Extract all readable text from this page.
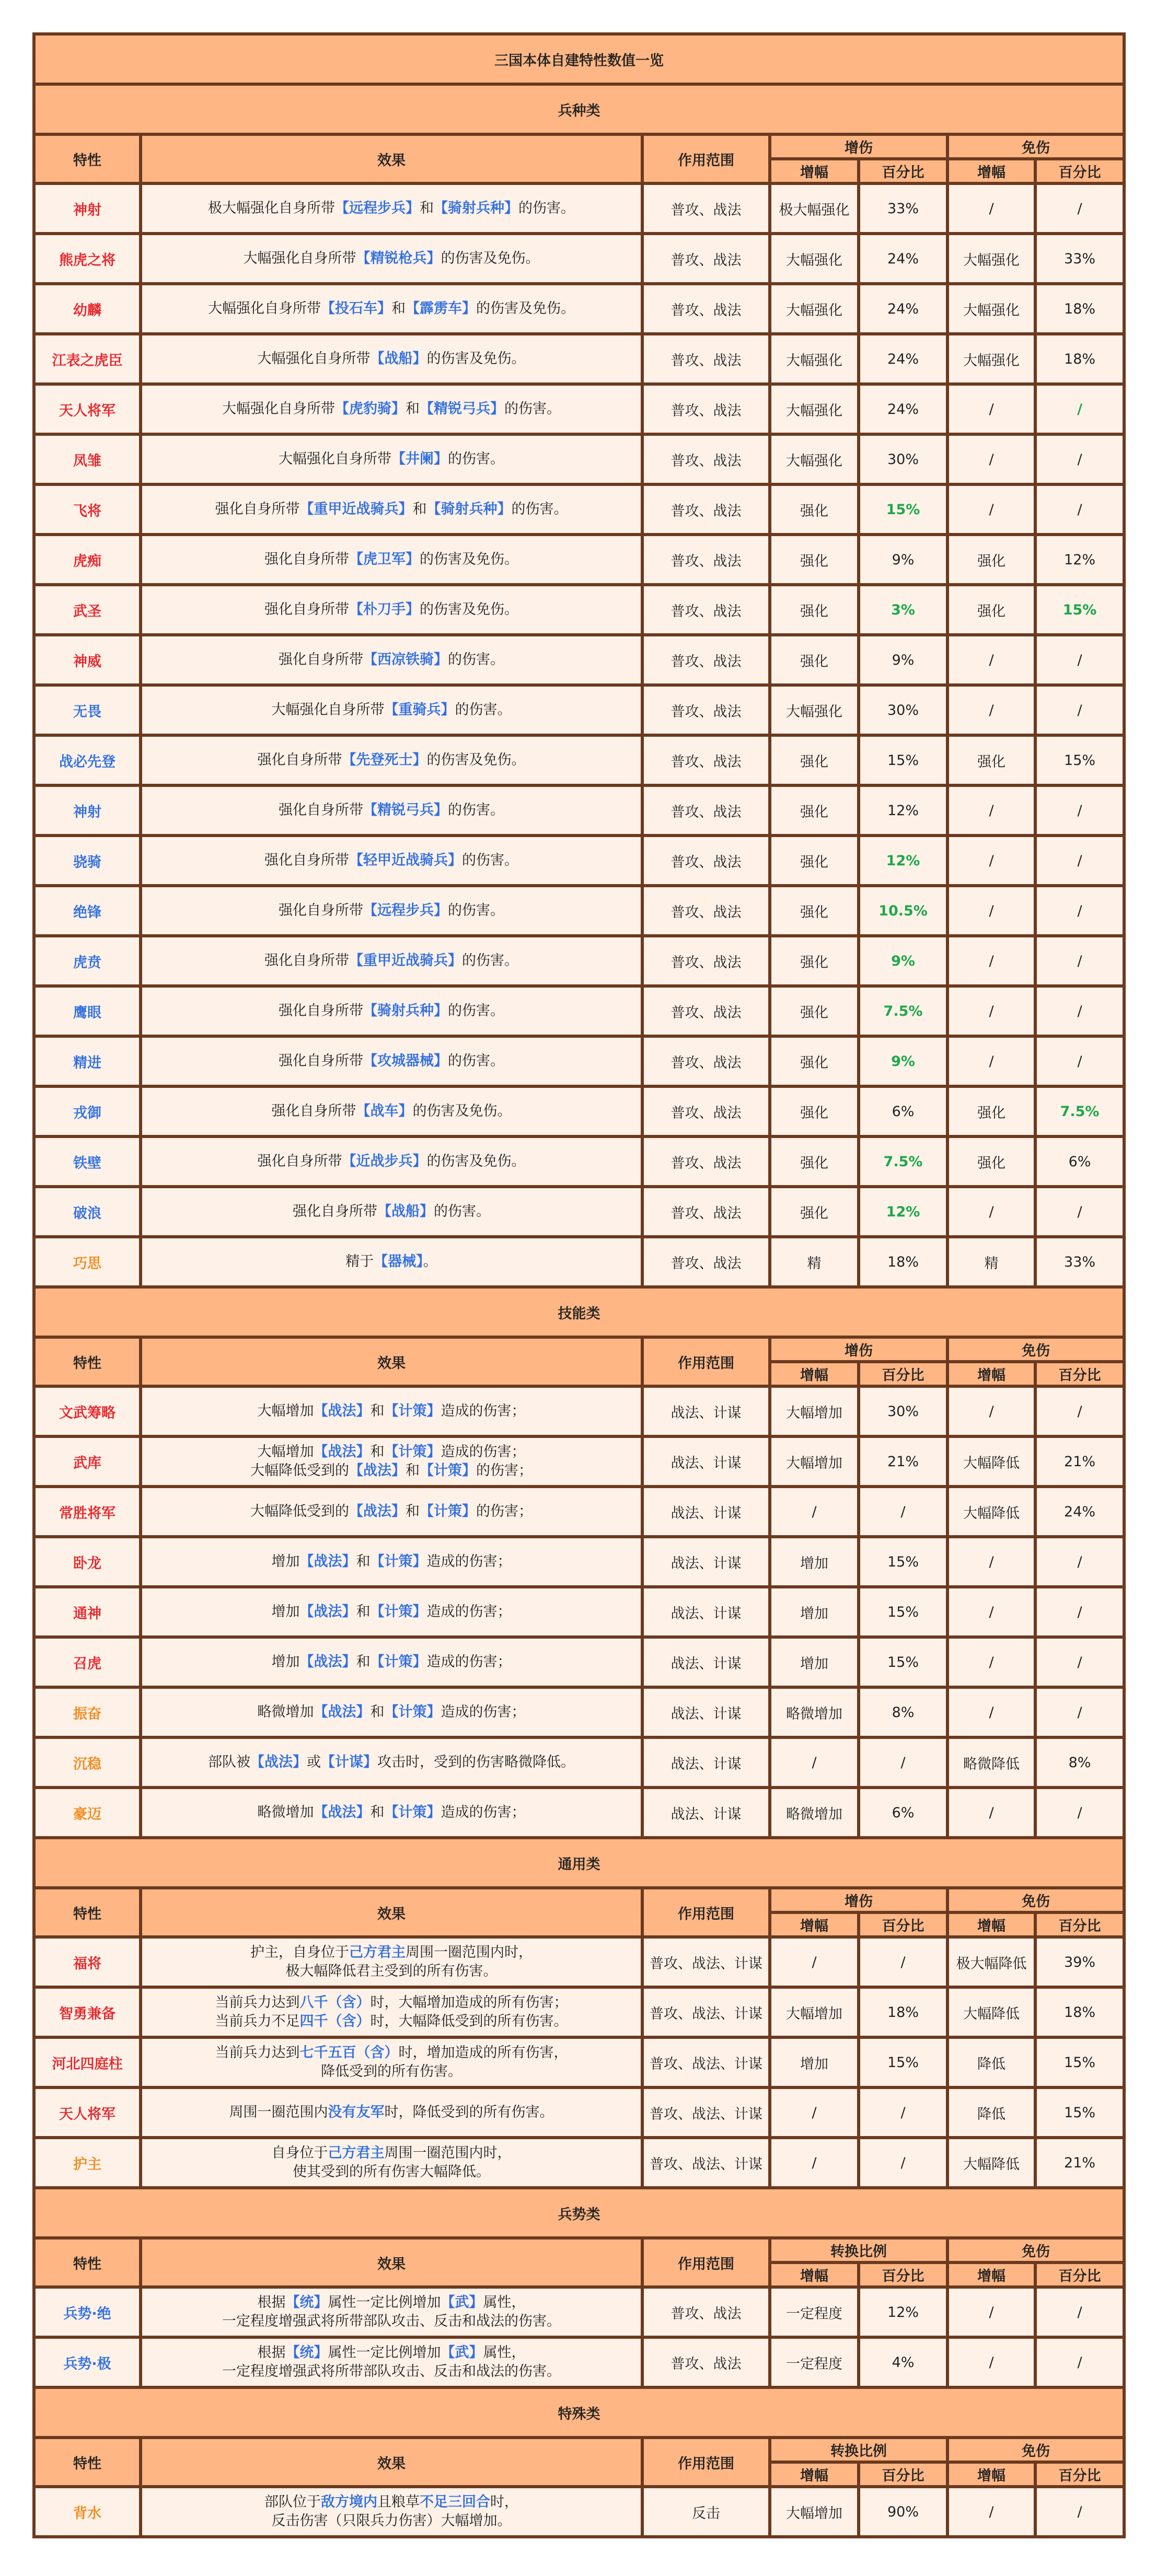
三国本体自建特性数值一览						
兵种类						
特性	效果	作用范围	增伤		免伤	
			增幅	百分比	增幅	百分比
神射	极大幅强化自身所带【远程步兵】和【骑射兵种】的伤害。	普攻、战法	极大幅强化	33%	/	/
熊虎之将	大幅强化自身所带【精锐枪兵】的伤害及免伤。	普攻、战法	大幅强化	24%	大幅强化	33%
幼麟	大幅强化自身所带【投石车】和【霹雳车】的伤害及免伤。	普攻、战法	大幅强化	24%	大幅强化	18%
江表之虎臣	大幅强化自身所带【战船】的伤害及免伤。	普攻、战法	大幅强化	24%	大幅强化	18%
天人将军	大幅强化自身所带【虎豹骑】和【精锐弓兵】的伤害。	普攻、战法	大幅强化	24%	/	/
凤雏	大幅强化自身所带【井阑】的伤害。	普攻、战法	大幅强化	30%	/	/
飞将	强化自身所带【重甲近战骑兵】和【骑射兵种】的伤害。	普攻、战法	强化	15%	/	/
虎痴	强化自身所带【虎卫军】的伤害及免伤。	普攻、战法	强化	9%	强化	12%
武圣	强化自身所带【朴刀手】的伤害及免伤。	普攻、战法	强化	3%	强化	15%
神威	强化自身所带【西凉铁骑】的伤害。	普攻、战法	强化	9%	/	/
无畏	大幅强化自身所带【重骑兵】的伤害。	普攻、战法	大幅强化	30%	/	/
战必先登	强化自身所带【先登死士】的伤害及免伤。	普攻、战法	强化	15%	强化	15%
神射	强化自身所带【精锐弓兵】的伤害。	普攻、战法	强化	12%	/	/
骁骑	强化自身所带【轻甲近战骑兵】的伤害。	普攻、战法	强化	12%	/	/
绝锋	强化自身所带【远程步兵】的伤害。	普攻、战法	强化	10.5%	/	/
虎贲	强化自身所带【重甲近战骑兵】的伤害。	普攻、战法	强化	9%	/	/
鹰眼	强化自身所带【骑射兵种】的伤害。	普攻、战法	强化	7.5%	/	/
精进	强化自身所带【攻城器械】的伤害。	普攻、战法	强化	9%	/	/
戎御	强化自身所带【战车】的伤害及免伤。	普攻、战法	强化	6%	强化	7.5%
铁壁	强化自身所带【近战步兵】的伤害及免伤。	普攻、战法	强化	7.5%	强化	6%
破浪	强化自身所带【战船】的伤害。	普攻、战法	强化	12%	/	/
巧思	精于【器械】。	普攻、战法	精	18%	精	33%
技能类						
特性	效果	作用范围	增伤		免伤	
			增幅	百分比	增幅	百分比
文武筹略	大幅增加【战法】和【计策】造成的伤害；	战法、计谋	大幅增加	30%	/	/
武库	大幅增加【战法】和【计策】造成的伤害；
大幅降低受到的【战法】和【计策】的伤害；	战法、计谋	大幅增加	21%	大幅降低	21%
常胜将军	大幅降低受到的【战法】和【计策】的伤害；	战法、计谋	/	/	大幅降低	24%
卧龙	增加【战法】和【计策】造成的伤害；	战法、计谋	增加	15%	/	/
通神	增加【战法】和【计策】造成的伤害；	战法、计谋	增加	15%	/	/
召虎	增加【战法】和【计策】造成的伤害；	战法、计谋	增加	15%	/	/
振奋	略微增加【战法】和【计策】造成的伤害；	战法、计谋	略微增加	8%	/	/
沉稳	部队被【战法】或【计谋】攻击时，受到的伤害略微降低。	战法、计谋	/	/	略微降低	8%
豪迈	略微增加【战法】和【计策】造成的伤害；	战法、计谋	略微增加	6%	/	/
通用类						
特性	效果	作用范围	增伤		免伤	
			增幅	百分比	增幅	百分比
福将	护主，自身位于己方君主周围一圈范围内时，
极大幅降低君主受到的所有伤害。	普攻、战法、计谋	/	/	极大幅降低	39%
智勇兼备	当前兵力达到八千（含）时，大幅增加造成的所有伤害；
当前兵力不足四千（含）时，大幅降低受到的所有伤害。	普攻、战法、计谋	大幅增加	18%	大幅降低	18%
河北四庭柱	当前兵力达到七千五百（含）时，增加造成的所有伤害，
降低受到的所有伤害。	普攻、战法、计谋	增加	15%	降低	15%
天人将军	周围一圈范围内没有友军时，降低受到的所有伤害。	普攻、战法、计谋	/	/	降低	15%
护主	自身位于己方君主周围一圈范围内时，
使其受到的所有伤害大幅降低。	普攻、战法、计谋	/	/	大幅降低	21%
兵势类						
特性	效果	作用范围	转换比例		免伤	
			增幅	百分比	增幅	百分比
兵势·绝	根据【统】属性一定比例增加【武】属性，
一定程度增强武将所带部队攻击、反击和战法的伤害。	普攻、战法	一定程度	12%	/	/
兵势·极	根据【统】属性一定比例增加【武】属性，
一定程度增强武将所带部队攻击、反击和战法的伤害。	普攻、战法	一定程度	4%	/	/
特殊类						
特性	效果	作用范围	转换比例		免伤	
			增幅	百分比	增幅	百分比
背水	部队位于敌方境内且粮草不足三回合时，
反击伤害（只限兵力伤害）大幅增加。	反击	大幅增加	90%	/	/
